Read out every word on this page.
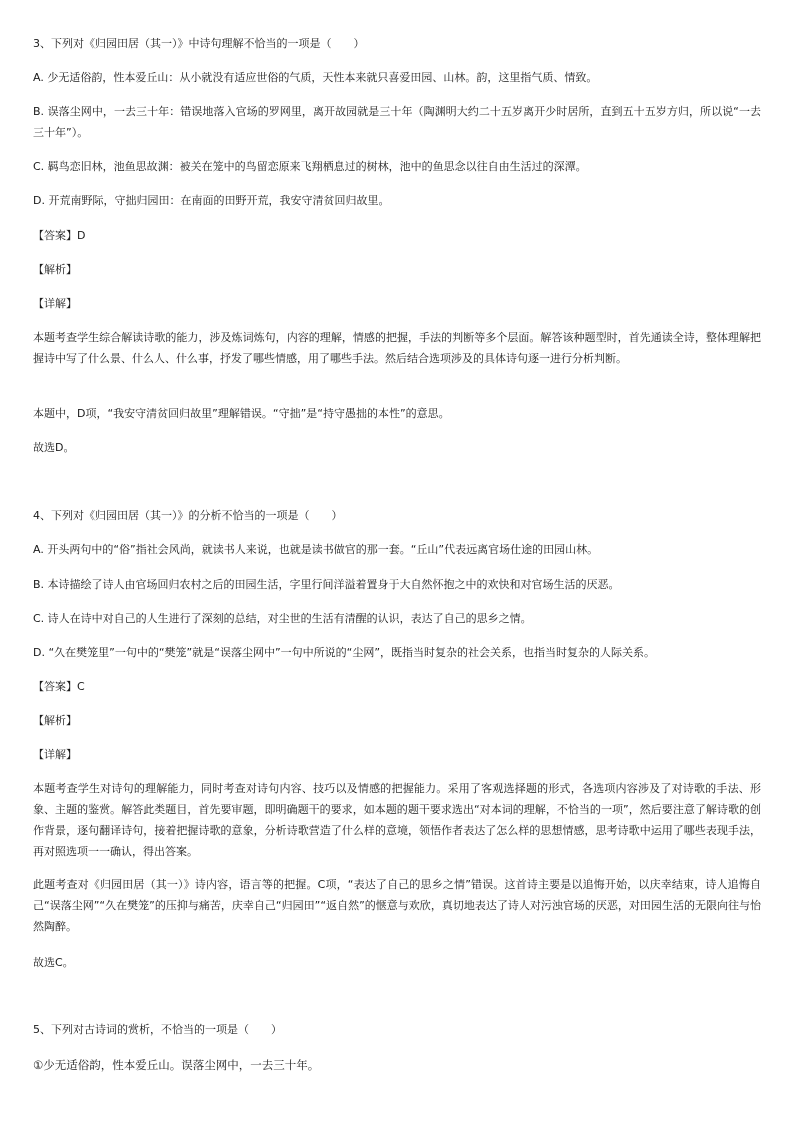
3、下列对《归园田居（其一）》中诗句理解不恰当的一项是（　　）
A. 少无适俗韵，性本爱丘山：从小就没有适应世俗的气质，天性本来就只喜爱田园、山林。韵，这里指气质、情致。
B. 误落尘网中，一去三十年：错误地落入官场的罗网里，离开故园就是三十年（陶渊明大约二十五岁离开少时居所，直到五十五岁方归，所以说“一去三十年”）。
C. 羁鸟恋旧林，池鱼思故渊：被关在笼中的鸟留恋原来飞翔栖息过的树林，池中的鱼思念以往自由生活过的深潭。
D. 开荒南野际，守拙归园田：在南面的田野开荒，我安守清贫回归故里。
【答案】D
【解析】
【详解】
本题考查学生综合解读诗歌的能力，涉及炼词炼句，内容的理解，情感的把握，手法的判断等多个层面。解答该种题型时，首先通读全诗，整体理解把握诗中写了什么景、什么人、什么事，抒发了哪些情感，用了哪些手法。然后结合选项涉及的具体诗句逐一进行分析判断。
本题中，D项，“我安守清贫回归故里”理解错误。“守拙”是“持守愚拙的本性”的意思。
故选D。
4、下列对《归园田居（其一）》的分析不恰当的一项是（　　）
A. 开头两句中的“俗”指社会风尚，就读书人来说，也就是读书做官的那一套。“丘山”代表远离官场仕途的田园山林。
B. 本诗描绘了诗人由官场回归农村之后的田园生活，字里行间洋溢着置身于大自然怀抱之中的欢快和对官场生活的厌恶。
C. 诗人在诗中对自己的人生进行了深刻的总结，对尘世的生活有清醒的认识，表达了自己的思乡之情。
D. “久在樊笼里”一句中的“樊笼”就是“误落尘网中”一句中所说的“尘网”，既指当时复杂的社会关系，也指当时复杂的人际关系。
【答案】C
【解析】
【详解】
本题考查学生对诗句的理解能力，同时考查对诗句内容、技巧以及情感的把握能力。采用了客观选择题的形式，各选项内容涉及了对诗歌的手法、形象、主题的鉴赏。解答此类题目，首先要审题，即明确题干的要求，如本题的题干要求选出“对本词的理解，不恰当的一项”，然后要注意了解诗歌的创作背景，逐句翻译诗句，接着把握诗歌的意象，分析诗歌营造了什么样的意境，领悟作者表达了怎么样的思想情感，思考诗歌中运用了哪些表现手法，再对照选项一一确认，得出答案。
此题考查对《归园田居（其一）》诗内容，语言等的把握。C项，“表达了自己的思乡之情”错误。这首诗主要是以追悔开始，以庆幸结束，诗人追悔自己“误落尘网”“久在樊笼”的压抑与痛苦，庆幸自己“归园田”“返自然”的惬意与欢欣，真切地表达了诗人对污浊官场的厌恶，对田园生活的无限向往与怡然陶醉。
故选C。
5、下列对古诗词的赏析，不恰当的一项是（　　）
①少无适俗韵，性本爱丘山。误落尘网中，一去三十年。
